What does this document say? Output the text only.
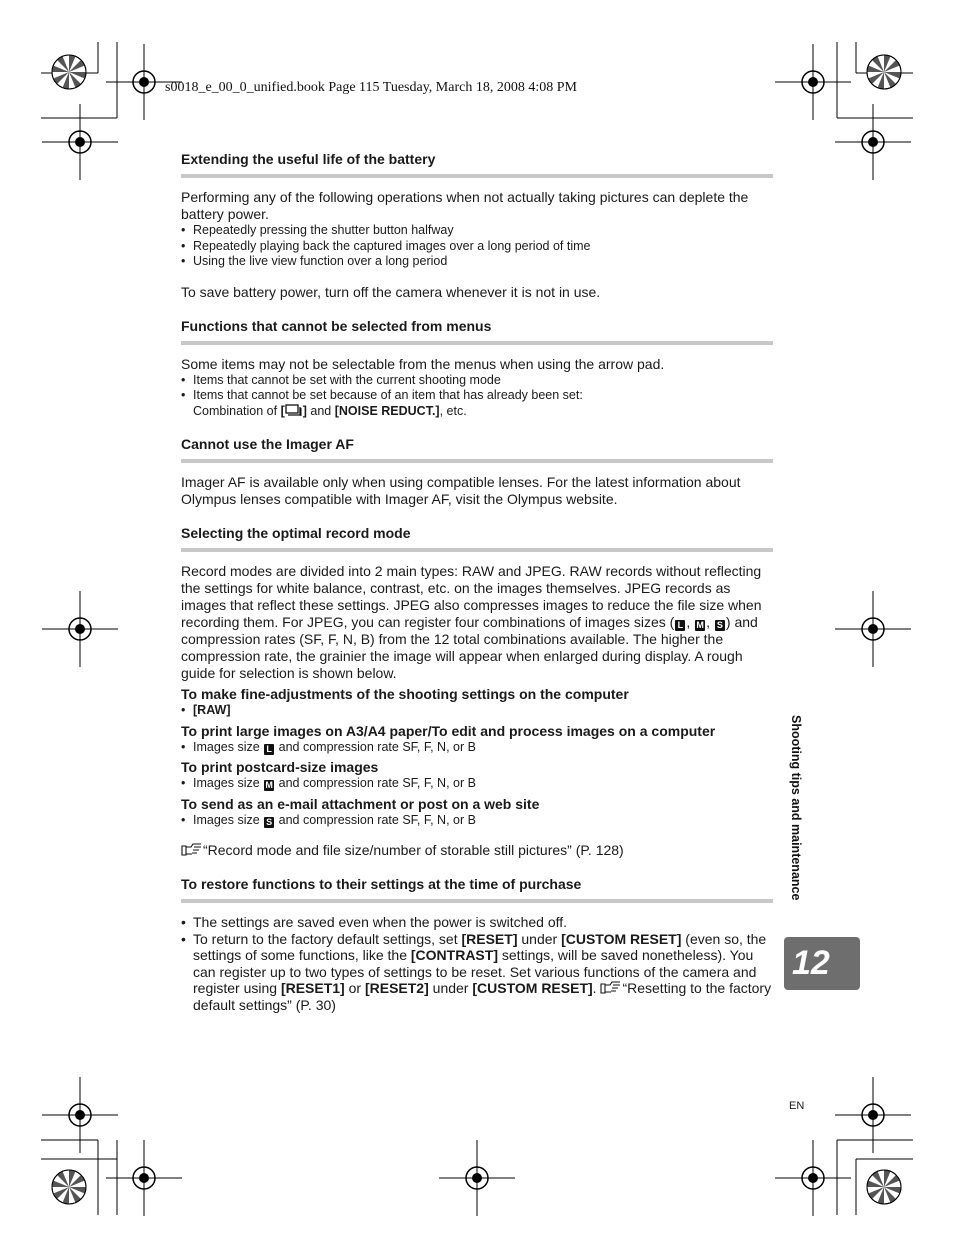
s0018_e_00_0_unified.book Page 115 Tuesday, March 18, 2008 4:08 PM
Extending the useful life of the battery

Performing any of the following operations when not actually taking pictures can deplete the battery power.

• Repeatedly pressing the shutter button halfway
• Repeatedly playing back the captured images over a long period of time
• Using the live view function over a long period

To save battery power, turn off the camera whenever it is not in use.

Functions that cannot be selected from menus

Some items may not be selectable from the menus when using the arrow pad.

• Items that cannot be set with the current shooting mode
• Items that cannot be set because of an item that has already been set:
Combination of [ ] and [NOISE REDUCT.], etc.
Cannot use the Imager AF

Imager AF is available only when using compatible lenses. For the latest information about Olympus lenses compatible with Imager AF, visit the Olympus website.

Selecting the optimal record mode

Record modes are divided into 2 main types: RAW and JPEG. RAW records without reflecting the settings for white balance, contrast, etc. on the images themselves. JPEG records as images that reflect these settings. JPEG also compresses images to reduce the file size when recording them. For JPEG, you can register four combinations of images sizes ( L , M , S ) and compression rates (SF, F, N, B) from the 12 total combinations available. The higher the compression rate, the grainier the image will appear when enlarged during display. A rough guide for selection is shown below.

To make fine-adjustments of the shooting settings on the computer

• [RAW]

To print large images on A3/A4 paper/To edit and process images on a computer

• Images size L and compression rate SF, F, N, or B

To print postcard-size images

• Images size M and compression rate SF, F, N, or B

To send as an e-mail attachment or post on a web site

• Images size S and compression rate SF, F, N, or B

“Record mode and file size/number of storable still pictures” (P. 128)

To restore functions to their settings at the time of purchase
• The settings are saved even when the power is switched off.
• To return to the factory default settings, set [RESET] under [CUSTOM RESET] (even so, the settings of some functions, like the [CONTRAST] settings, will be saved nonetheless). You can register up to two types of settings to be reset. Set various functions of the camera and register using [RESET1] or [RESET2] under [CUSTOM RESET]. “Resetting to the factory default settings” (P. 30)
Shooting tips and maintenance
12
EN
